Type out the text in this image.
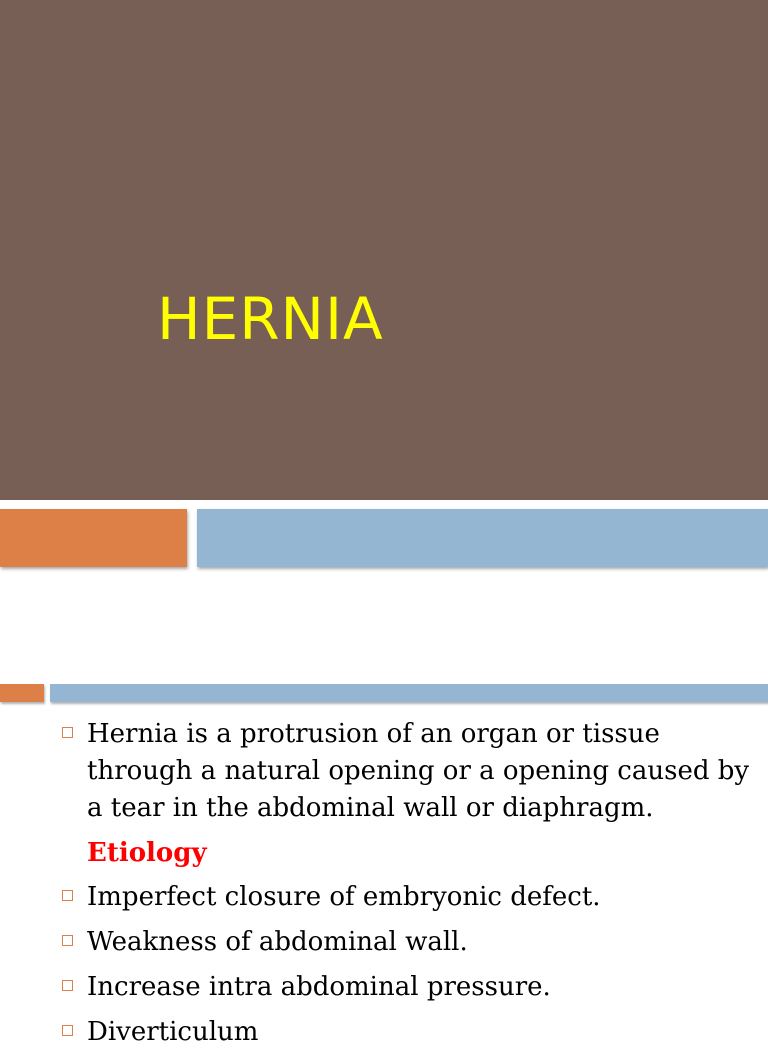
HERNIA
Hernia is a protrusion of an organ or tissue through a natural opening or a opening caused by a tear in the abdominal wall or diaphragm.
Etiology
Imperfect closure of embryonic defect.
Weakness of abdominal wall.
Increase intra abdominal pressure.
Diverticulum
